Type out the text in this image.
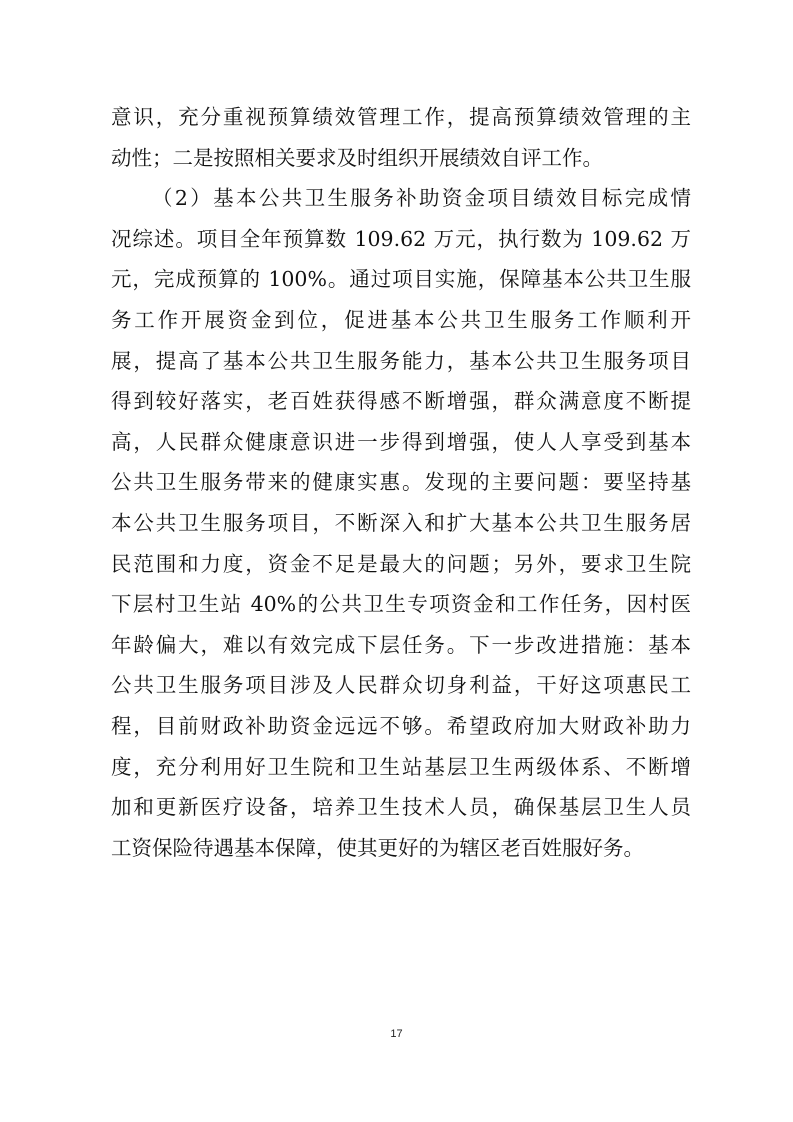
意识，充分重视预算绩效管理工作，提高预算绩效管理的主
动性；二是按照相关要求及时组织开展绩效自评工作。
（2）基本公共卫生服务补助资金项目绩效目标完成情
况综述。项目全年预算数 109.62 万元，执行数为 109.62 万
元，完成预算的 100%。通过项目实施，保障基本公共卫生服
务工作开展资金到位，促进基本公共卫生服务工作顺利开
展，提高了基本公共卫生服务能力，基本公共卫生服务项目
得到较好落实，老百姓获得感不断增强，群众满意度不断提
高，人民群众健康意识进一步得到增强，使人人享受到基本
公共卫生服务带来的健康实惠。发现的主要问题：要坚持基
本公共卫生服务项目，不断深入和扩大基本公共卫生服务居
民范围和力度，资金不足是最大的问题；另外，要求卫生院
下层村卫生站 40%的公共卫生专项资金和工作任务，因村医
年龄偏大，难以有效完成下层任务。下一步改进措施：基本
公共卫生服务项目涉及人民群众切身利益，干好这项惠民工
程，目前财政补助资金远远不够。希望政府加大财政补助力
度，充分利用好卫生院和卫生站基层卫生两级体系、不断增
加和更新医疗设备，培养卫生技术人员，确保基层卫生人员
工资保险待遇基本保障，使其更好的为辖区老百姓服好务。
17
